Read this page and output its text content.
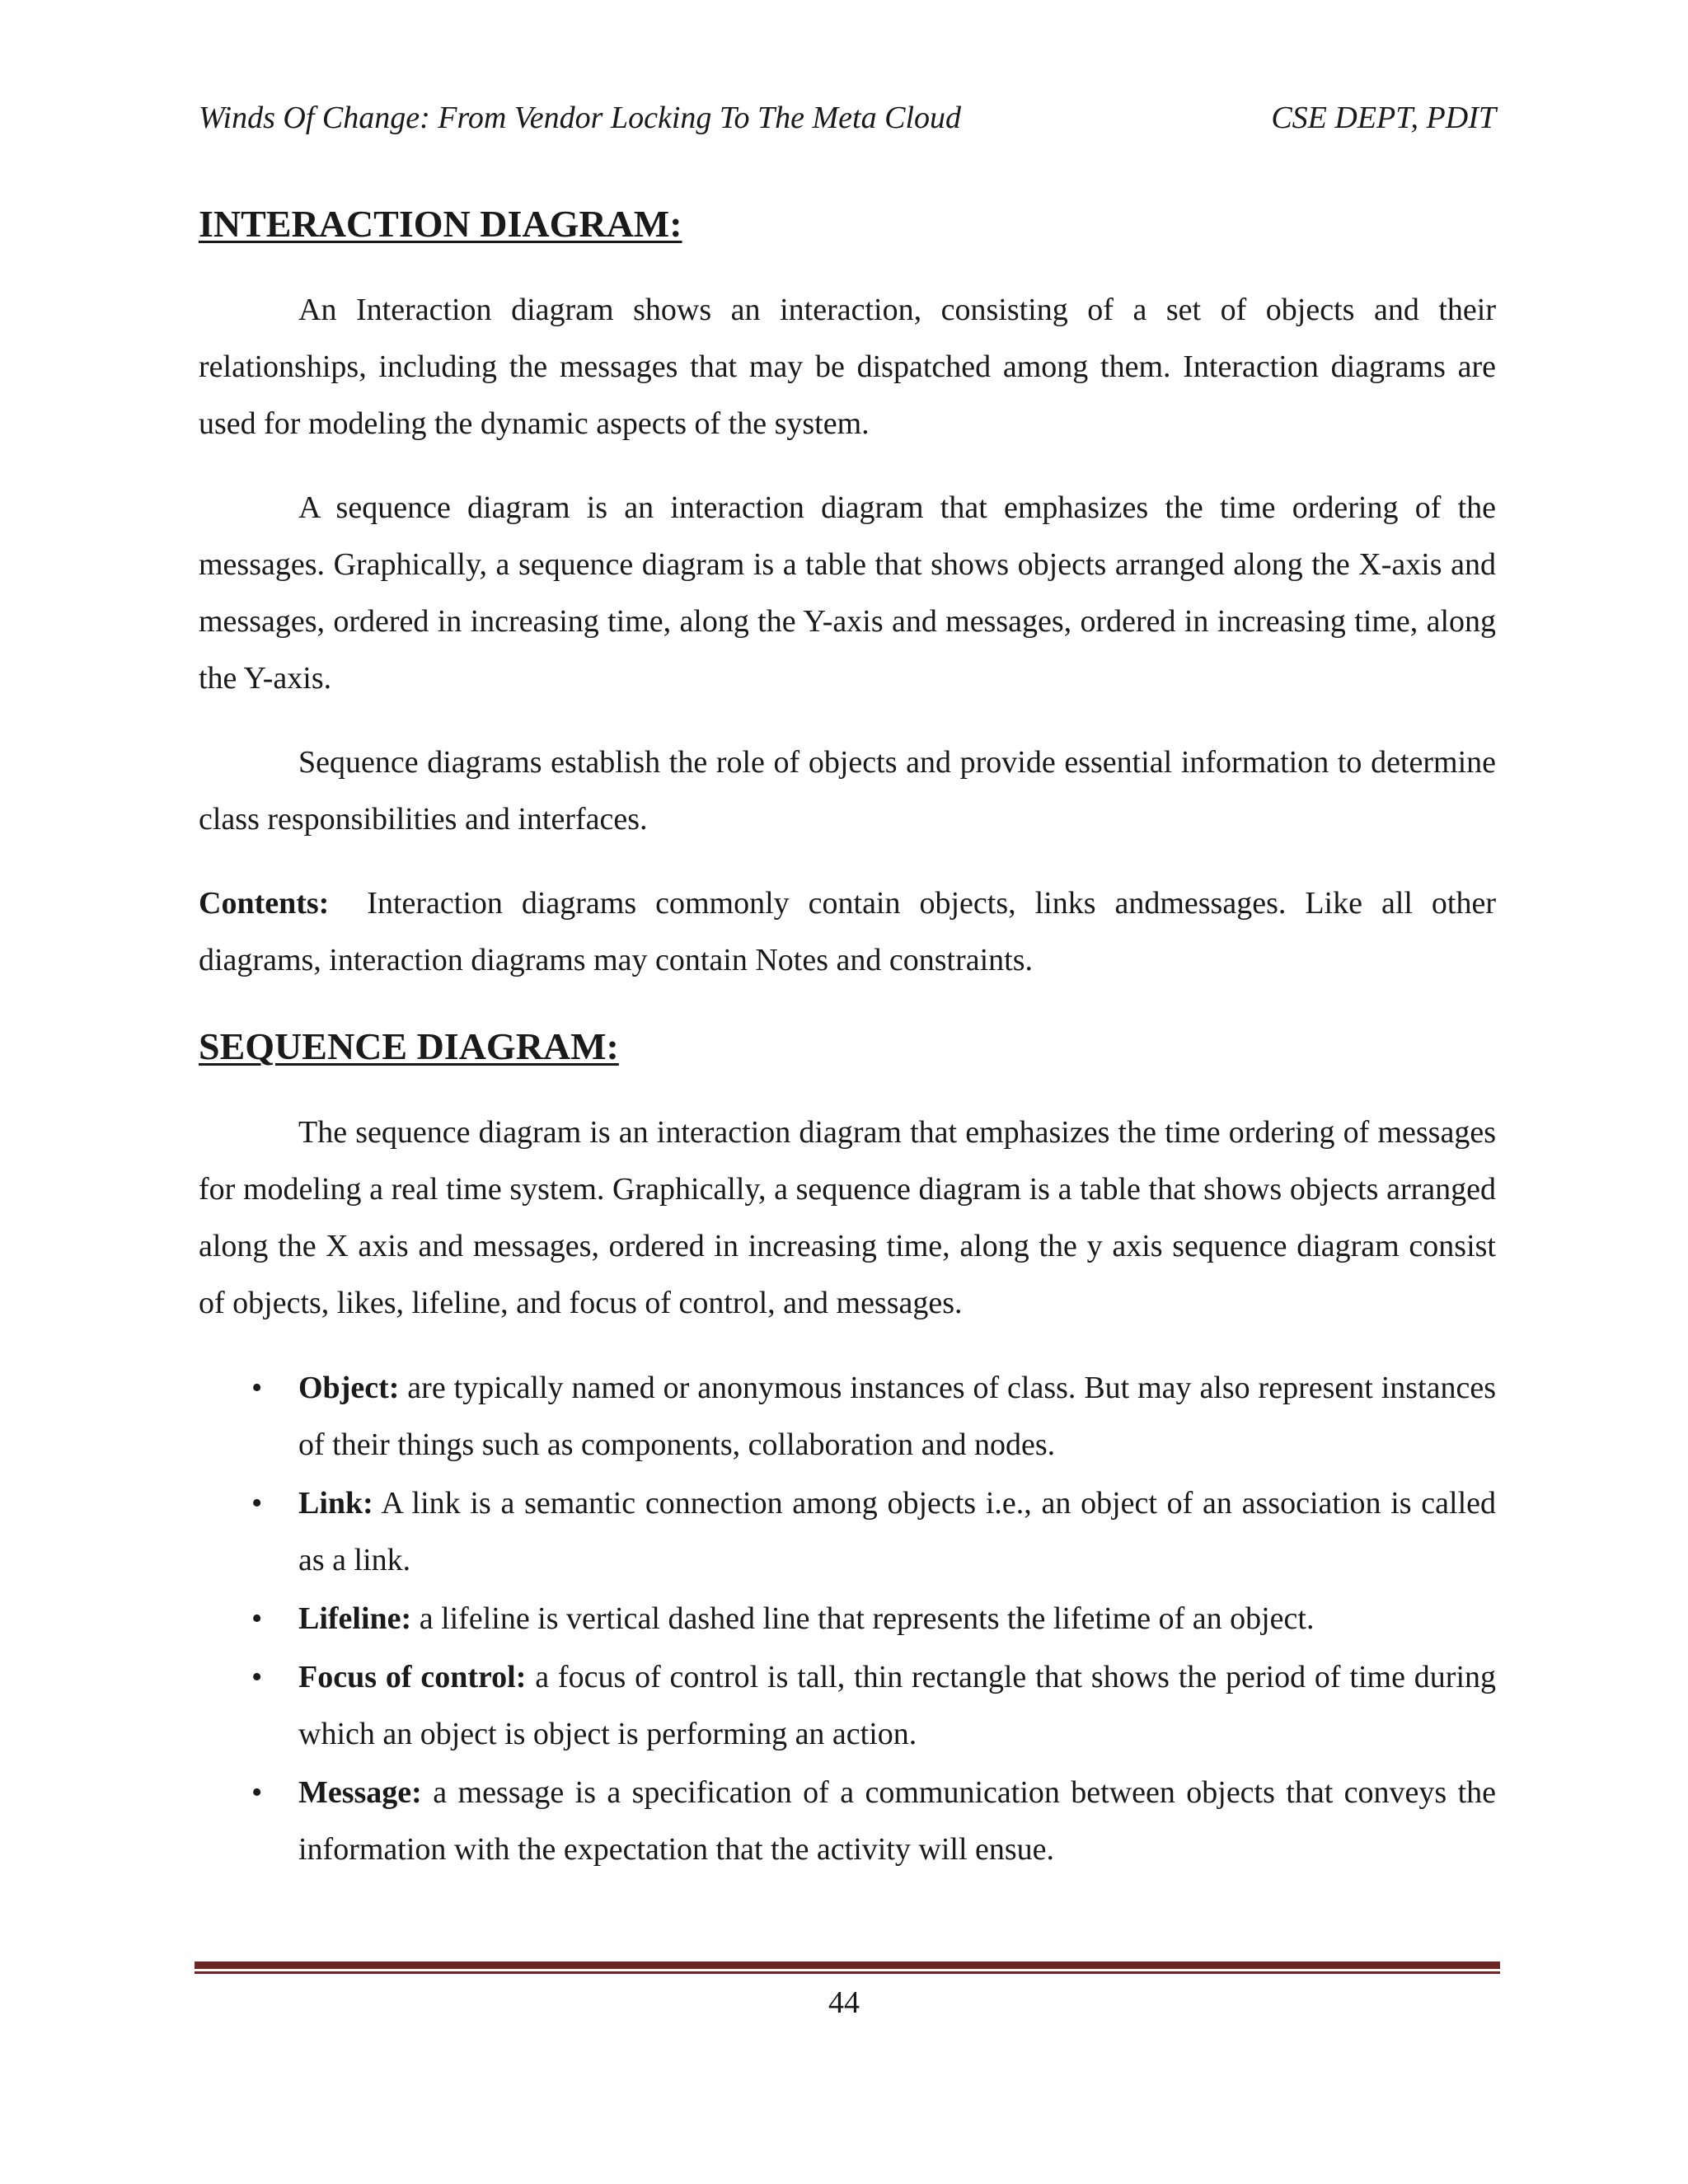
Winds Of Change: From Vendor Locking To The Meta Cloud	CSE DEPT, PDIT
INTERACTION DIAGRAM:

An Interaction diagram shows an interaction, consisting of a set of objects and their relationships, including the messages that may be dispatched among them. Interaction diagrams are used for modeling the dynamic aspects of the system.

A sequence diagram is an interaction diagram that emphasizes the time ordering of the messages. Graphically, a sequence diagram is a table that shows objects arranged along the X-axis and messages, ordered in increasing time, along the Y-axis and messages, ordered in increasing time, along the Y-axis.

Sequence diagrams establish the role of objects and provide essential information to determine class responsibilities and interfaces.

Contents: Interaction diagrams commonly contain objects, links andmessages. Like all other diagrams, interaction diagrams may contain Notes and constraints.

SEQUENCE DIAGRAM:

The sequence diagram is an interaction diagram that emphasizes the time ordering of messages for modeling a real time system. Graphically, a sequence diagram is a table that shows objects arranged along the X axis and messages, ordered in increasing time, along the y axis sequence diagram consist of objects, likes, lifeline, and focus of control, and messages.

• Object: are typically named or anonymous instances of class. But may also represent instances of their things such as components, collaboration and nodes.
• Link: A link is a semantic connection among objects i.e., an object of an association is called as a link.
• Lifeline: a lifeline is vertical dashed line that represents the lifetime of an object.
• Focus of control: a focus of control is tall, thin rectangle that shows the period of time during which an object is object is performing an action.
• Message: a message is a specification of a communication between objects that conveys the information with the expectation that the activity will ensue.
44
